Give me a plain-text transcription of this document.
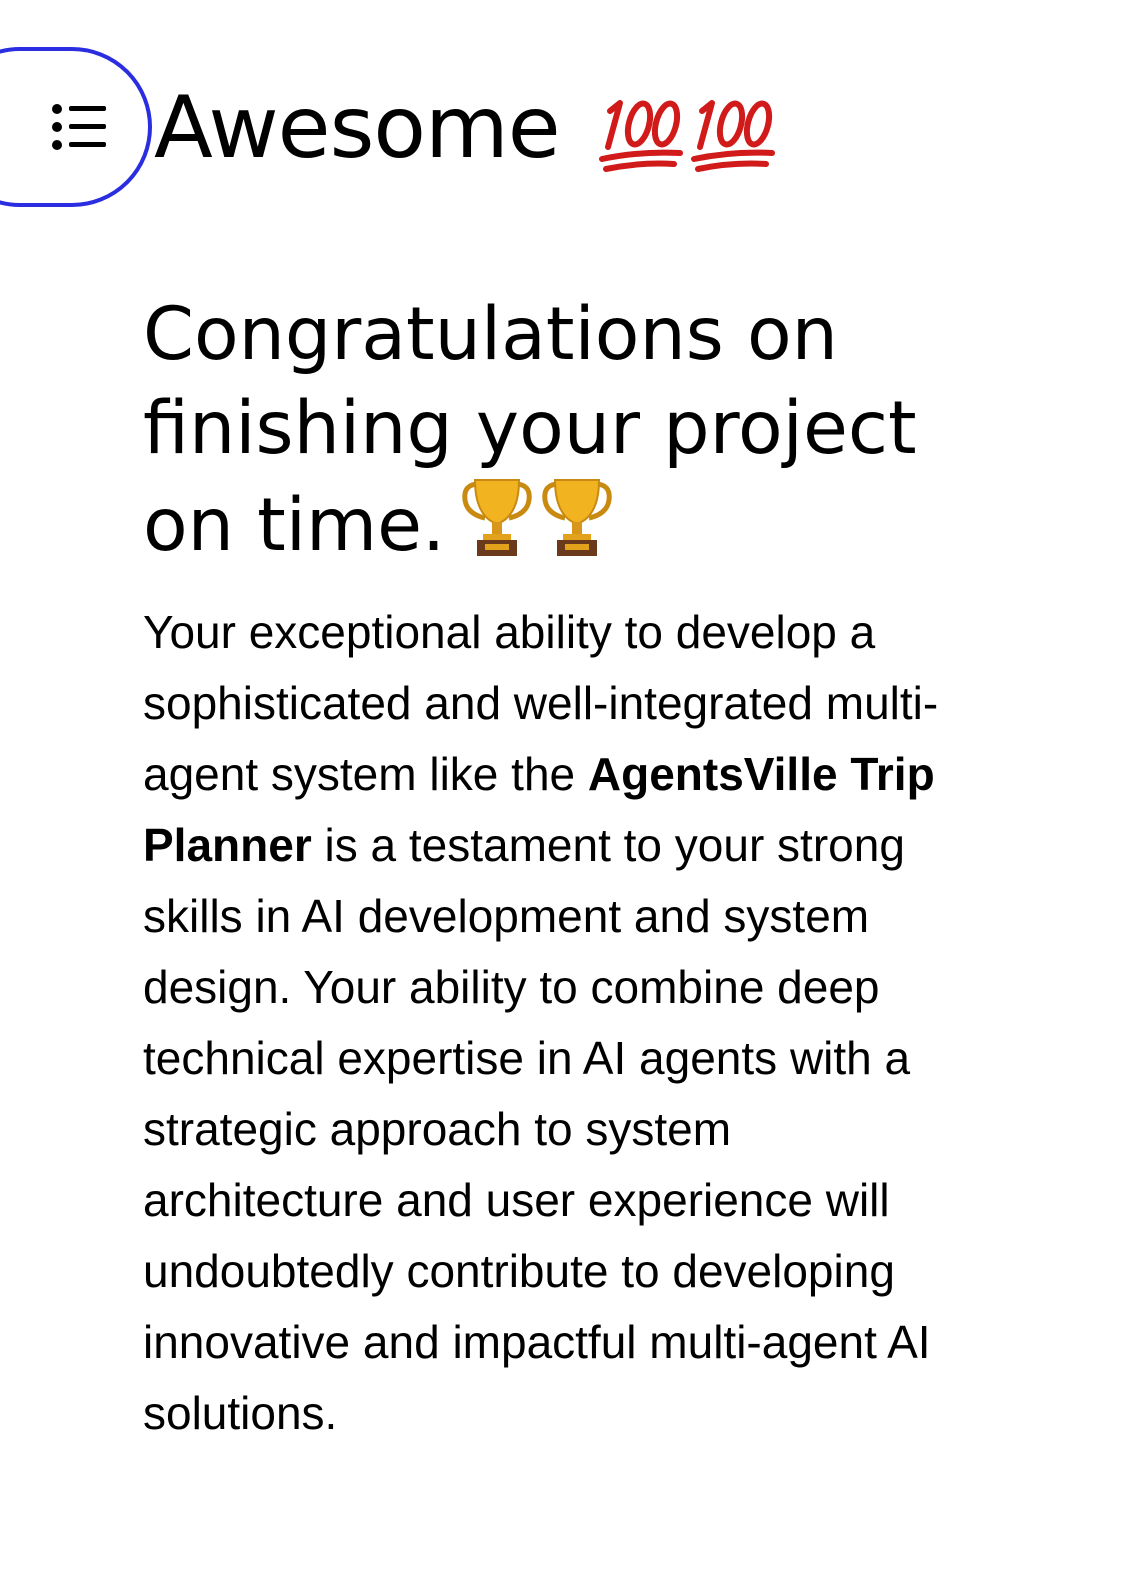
Awesome
Congratulations on finishing your project on time.

Your exceptional ability to develop a sophisticated and well-integrated multi-agent system like the AgentsVille Trip Planner is a testament to your strong skills in AI development and system design. Your ability to combine deep technical expertise in AI agents with a strategic approach to system architecture and user experience will undoubtedly contribute to developing innovative and impactful multi-agent AI solutions.
